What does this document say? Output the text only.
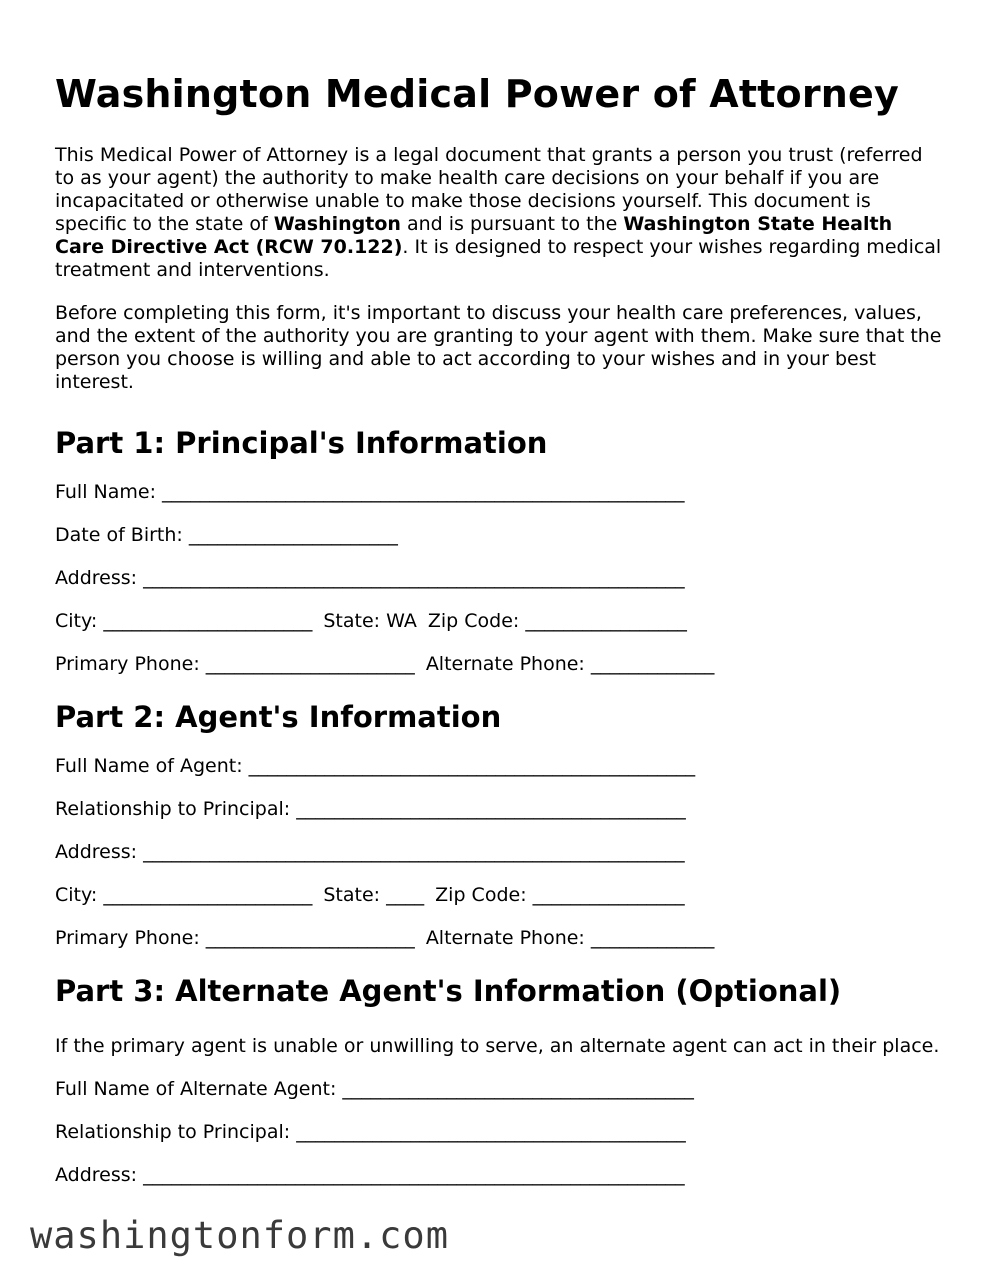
Washington Medical Power of Attorney

This Medical Power of Attorney is a legal document that grants a person you trust (referred to as your agent) the authority to make health care decisions on your behalf if you are incapacitated or otherwise unable to make those decisions yourself. This document is specific to the state of Washington and is pursuant to the Washington State Health Care Directive Act (RCW 70.122). It is designed to respect your wishes regarding medical treatment and interventions.

Before completing this form, it's important to discuss your health care preferences, values, and the extent of the authority you are granting to your agent with them. Make sure that the person you choose is willing and able to act according to your wishes and in your best interest.

Part 1: Principal's Information
Full Name: _______________________________________________________
Date of Birth: ______________________
Address: _________________________________________________________
City: ______________________ State: WA Zip Code: _________________
Primary Phone: ______________________ Alternate Phone: _____________
Part 2: Agent's Information
Full Name of Agent: _______________________________________________
Relationship to Principal: _________________________________________
Address: _________________________________________________________
City: ______________________ State: ____ Zip Code: ________________
Primary Phone: ______________________ Alternate Phone: _____________
Part 3: Alternate Agent's Information (Optional)

If the primary agent is unable or unwilling to serve, an alternate agent can act in their place.

Full Name of Alternate Agent: _____________________________________
Relationship to Principal: _________________________________________
Address: _________________________________________________________
washingtonform.com
